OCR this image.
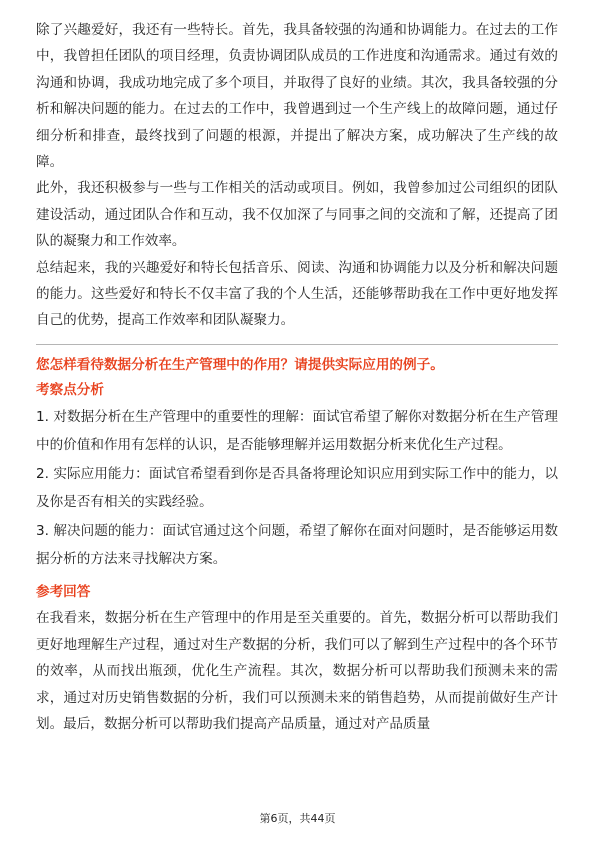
除了兴趣爱好，我还有一些特长。首先，我具备较强的沟通和协调能力。在过去的工作中，我曾担任团队的项目经理，负责协调团队成员的工作进度和沟通需求。通过有效的沟通和协调，我成功地完成了多个项目，并取得了良好的业绩。其次，我具备较强的分析和解决问题的能力。在过去的工作中，我曾遇到过一个生产线上的故障问题，通过仔细分析和排查，最终找到了问题的根源，并提出了解决方案，成功解决了生产线的故障。

此外，我还积极参与一些与工作相关的活动或项目。例如，我曾参加过公司组织的团队建设活动，通过团队合作和互动，我不仅加深了与同事之间的交流和了解，还提高了团队的凝聚力和工作效率。

总结起来，我的兴趣爱好和特长包括音乐、阅读、沟通和协调能力以及分析和解决问题的能力。这些爱好和特长不仅丰富了我的个人生活，还能够帮助我在工作中更好地发挥自己的优势，提高工作效率和团队凝聚力。

您怎样看待数据分析在生产管理中的作用？请提供实际应用的例子。

考察点分析

1. 对数据分析在生产管理中的重要性的理解：面试官希望了解你对数据分析在生产管理中的价值和作用有怎样的认识，是否能够理解并运用数据分析来优化生产过程。

2. 实际应用能力：面试官希望看到你是否具备将理论知识应用到实际工作中的能力，以及你是否有相关的实践经验。

3. 解决问题的能力：面试官通过这个问题，希望了解你在面对问题时，是否能够运用数据分析的方法来寻找解决方案。

参考回答

在我看来，数据分析在生产管理中的作用是至关重要的。首先，数据分析可以帮助我们更好地理解生产过程，通过对生产数据的分析，我们可以了解到生产过程中的各个环节的效率，从而找出瓶颈，优化生产流程。其次，数据分析可以帮助我们预测未来的需求，通过对历史销售数据的分析，我们可以预测未来的销售趋势，从而提前做好生产计划。最后，数据分析可以帮助我们提高产品质量，通过对产品质量

第6页，共44页
